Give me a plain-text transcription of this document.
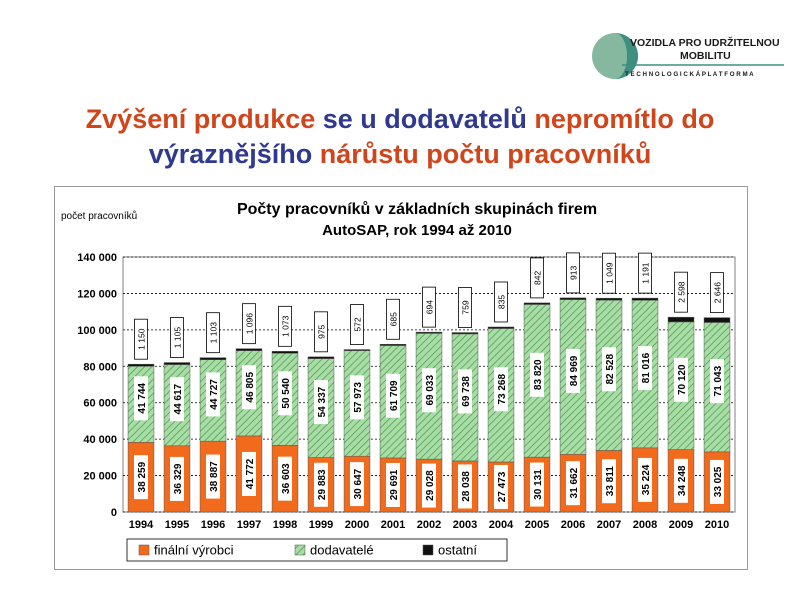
VOZIDLA PRO UDRŽITELNOU
MOBILITU
T E C H N O L O G I C K Á P L A T F O R M A
Zvýšení produkce se u dodavatelů nepromítlo do
výraznějšího nárůstu počtu pracovníků
Počty pracovníků v základních skupinách firem
AutoSAP, rok 1994 až 2010
počet pracovníků
38 259
41 744
1 150
36 329
44 617
1 105
38 887
44 727
1 103
41 772
46 805
1 096
36 603
50 540
1 073
29 883
54 337
975
30 647
57 973
572
29 691
61 709
685
29 028
69 033
694
28 038
69 738
759
27 473
73 268
835
30 131
83 820
842
31 662
84 969
913
33 811
82 528
1 049
35 224
81 016
1 191
34 248
70 120
2 598
33 025
71 043
2 646
0
20 000
40 000
60 000
80 000
100 000
120 000
140 000
1994 1995 1996 1997 1998 1999 2000 2001 2002 2003 2004 2005 2006 2007 2008 2009 2010
finální výrobci	dodavatelé	ostatní
